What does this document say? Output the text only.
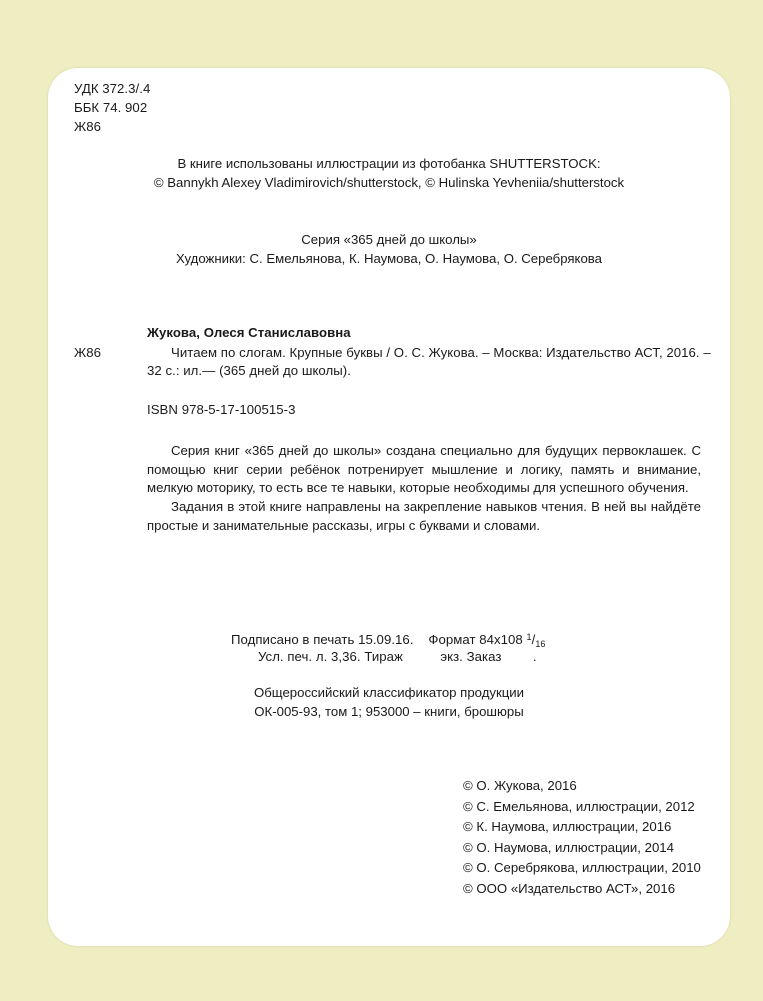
УДК 372.3/.4
ББК 74. 902
Ж86
В книге использованы иллюстрации из фотобанка SHUTTERSTOCK:
© Bannykh Alexey Vladimirovich/shutterstock, © Hulinska Yevheniia/shutterstock
Серия «365 дней до школы»
Художники: С. Емельянова, К. Наумова, О. Наумова, О. Серебрякова
Жукова, Олеся Станиславовна
Ж86	Читаем по слогам. Крупные буквы / О. С. Жукова. – Москва: Издательство АСТ, 2016. –
32 с.: ил.— (365 дней до школы).
ISBN 978-5-17-100515-3
Серия книг «365 дней до школы» создана специально для будущих первоклашек. С помощью книг серии ребёнок потренирует мышление и логику, память и внимание, мелкую моторику, то есть все те навыки, которые необходимы для успешного обучения.
Задания в этой книге направлены на закрепление навыков чтения. В ней вы найдёте простые и занимательные рассказы, игры с буквами и словами.
Подписано в печать 15.09.16. Формат 84х108 $^1/_{16}$
Усл. печ. л. 3,36. Тираж	экз. Заказ .
Общероссийский классификатор продукции
ОК-005-93, том 1; 953000 – книги, брошюры
© О. Жукова, 2016
© С. Емельянова, иллюстрации, 2012
© К. Наумова, иллюстрации, 2016
© О. Наумова, иллюстрации, 2014
© О. Серебрякова, иллюстрации, 2010
© ООО «Издательство АСТ», 2016
